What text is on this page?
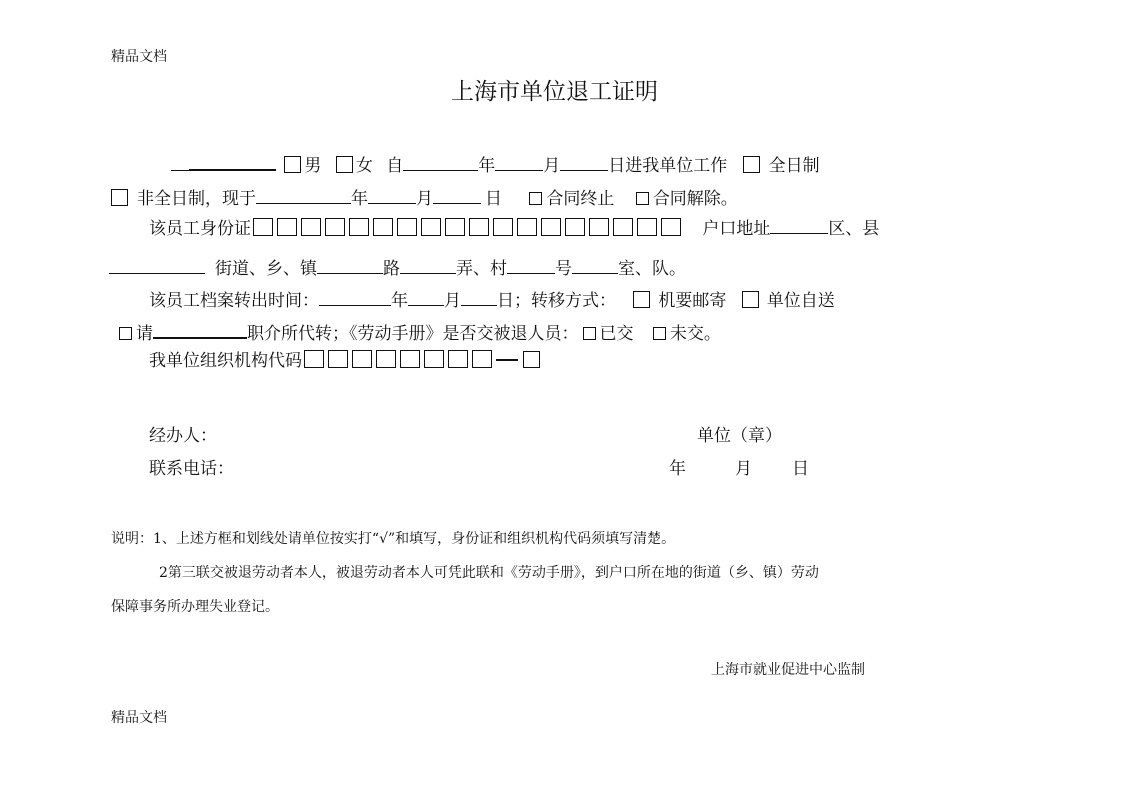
精品文档
上海市单位退工证明
男 女 自	年	月	日进我单位工作 全日制
非全日制，现于	年	月	日	合同终止 合同解除。
该员工身份证	户口地址	区、县
街道、乡、镇	路	弄、村	号	室、队。
该员工档案转出时间：	年 月 日；转移方式： 机要邮寄 单位自送
请	职介所代转；《劳动手册》是否交被退人员： 已交 未交。
我单位组织机构代码
经办人：	单位（章）
联系电话：	年	月 日
说明：1、上述方框和划线处请单位按实打“√”和填写，身份证和组织机构代码须填写清楚。
2第三联交被退劳动者本人，被退劳动者本人可凭此联和《劳动手册》，到户口所在地的街道（乡、镇）劳动
保障事务所办理失业登记。
上海市就业促进中心监制
精品文档
